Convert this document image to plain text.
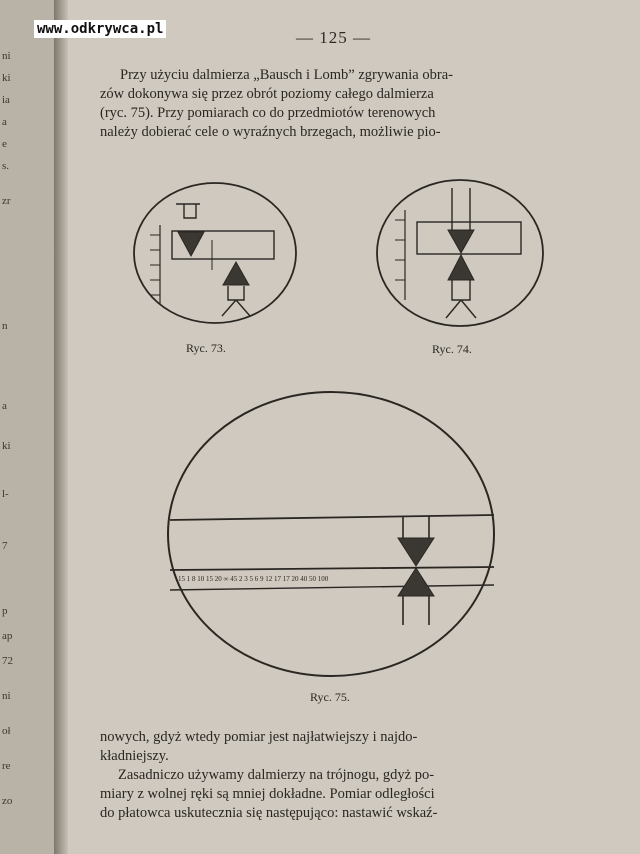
ni
ki
ia
a
e
s.
zr
n
a
ki
l-
7
p
ap
72
ni
oł
re
zo
www.odkrywca.pl	— 125 —
Przy użyciu dalmierza „Bausch i Lomb” zgrywania obra-
zów dokonywa się przez obrót poziomy całego dalmierza
(ryc. 75). Przy pomiarach co do przedmiotów terenowych
należy dobierać cele o wyraźnych brzegach, możliwie pio-
15 1 8 10 15 20 ∞ 45 2 3 5 6 9 12 17 17 20 40 50 100
Ryc. 73.	Ryc. 74.
Ryc. 75.
nowych, gdyż wtedy pomiar jest najłatwiejszy i najdo-
kładniejszy.
Zasadniczo używamy dalmierzy na trójnogu, gdyż po-
miary z wolnej ręki są mniej dokładne. Pomiar odległości
do płatowca uskutecznia się następująco: nastawić wskaź-
